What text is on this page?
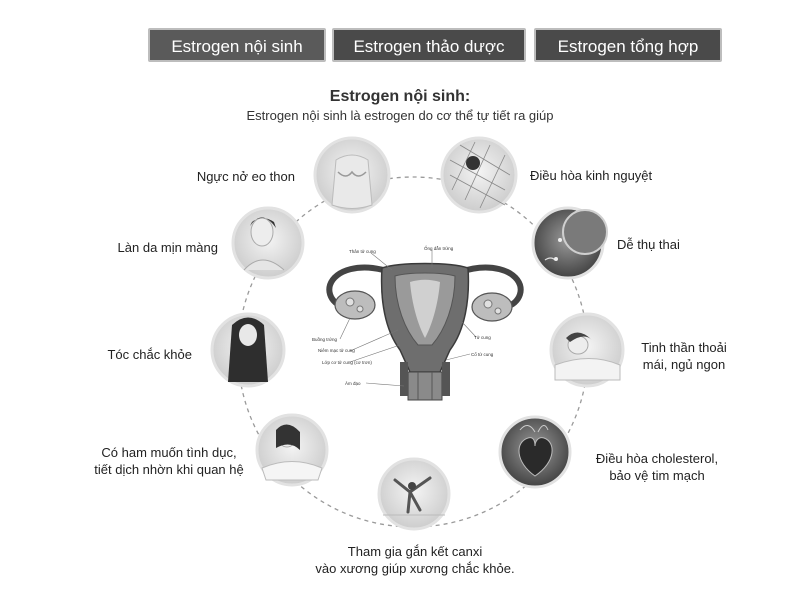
Estrogen nội sinh	Estrogen thảo dược	Estrogen tổng hợp
Estrogen nội sinh:
Estrogen nội sinh là estrogen do cơ thể tự tiết ra giúp
Thân tử cung
Ống dẫn trứng
Tử cung
Buồng trứng
Niêm mạc tử cung
Lớp cơ tử cung (cơ trơn)
Cổ tử cung
Âm đạo
Ngực nở eo thon	Điều hòa kinh nguyệt
Làn da mịn màng	Dễ thụ thai
Tóc chắc khỏe	Tinh thần thoải
mái, ngủ ngon
Có ham muốn tình dục,
tiết dịch nhờn khi quan hệ
Điều hòa cholesterol,
bảo vệ tim mạch
Tham gia gắn kết canxi
vào xương giúp xương chắc khỏe.
